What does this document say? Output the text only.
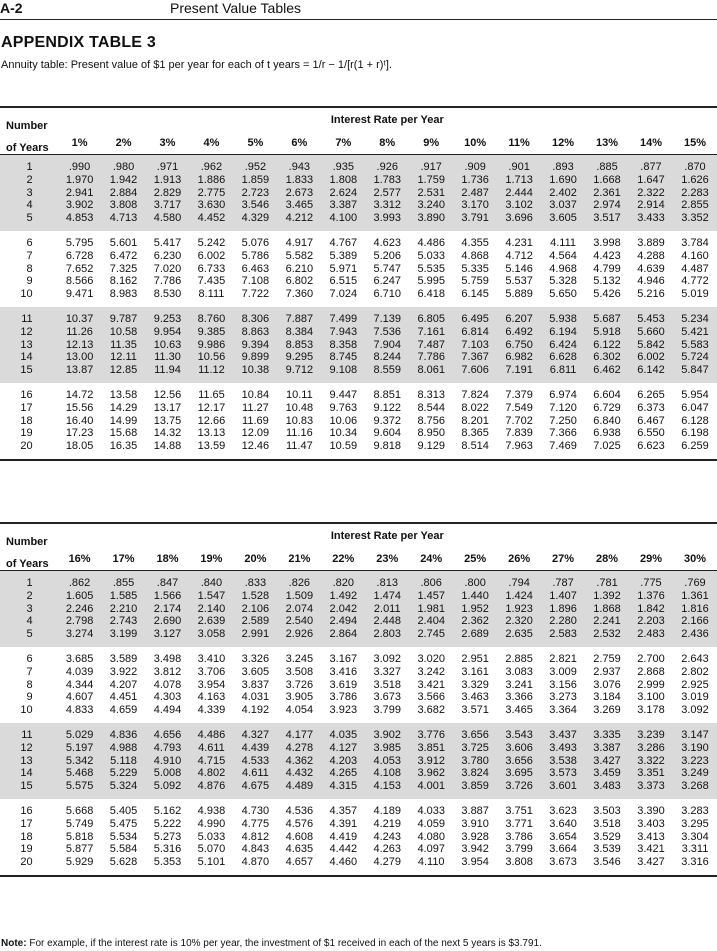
A-2	Present Value Tables
APPENDIX TABLE 3
Annuity table: Present value of $1 per year for each of t years = 1/r − 1/[r(1 + r)ᵗ].
Number	Interest Rate per Year														
of Years	1%	2%	3%	4%	5%	6%	7%	8%	9%	10%	11%	12%	13%	14%	15%
1	.990	.980	.971	.962	.952	.943	.935	.926	.917	.909	.901	.893	.885	.877	.870
2	1.970	1.942	1.913	1.886	1.859	1.833	1.808	1.783	1.759	1.736	1.713	1.690	1.668	1.647	1.626
3	2.941	2.884	2.829	2.775	2.723	2.673	2.624	2.577	2.531	2.487	2.444	2.402	2.361	2.322	2.283
4	3.902	3.808	3.717	3.630	3.546	3.465	3.387	3.312	3.240	3.170	3.102	3.037	2.974	2.914	2.855
5	4.853	4.713	4.580	4.452	4.329	4.212	4.100	3.993	3.890	3.791	3.696	3.605	3.517	3.433	3.352
6	5.795	5.601	5.417	5.242	5.076	4.917	4.767	4.623	4.486	4.355	4.231	4.111	3.998	3.889	3.784
7	6.728	6.472	6.230	6.002	5.786	5.582	5.389	5.206	5.033	4.868	4.712	4.564	4.423	4.288	4.160
8	7.652	7.325	7.020	6.733	6.463	6.210	5.971	5.747	5.535	5.335	5.146	4.968	4.799	4.639	4.487
9	8.566	8.162	7.786	7.435	7.108	6.802	6.515	6.247	5.995	5.759	5.537	5.328	5.132	4.946	4.772
10	9.471	8.983	8.530	8.111	7.722	7.360	7.024	6.710	6.418	6.145	5.889	5.650	5.426	5.216	5.019
11	10.37	9.787	9.253	8.760	8.306	7.887	7.499	7.139	6.805	6.495	6.207	5.938	5.687	5.453	5.234
12	11.26	10.58	9.954	9.385	8.863	8.384	7.943	7.536	7.161	6.814	6.492	6.194	5.918	5.660	5.421
13	12.13	11.35	10.63	9.986	9.394	8.853	8.358	7.904	7.487	7.103	6.750	6.424	6.122	5.842	5.583
14	13.00	12.11	11.30	10.56	9.899	9.295	8.745	8.244	7.786	7.367	6.982	6.628	6.302	6.002	5.724
15	13.87	12.85	11.94	11.12	10.38	9.712	9.108	8.559	8.061	7.606	7.191	6.811	6.462	6.142	5.847
16	14.72	13.58	12.56	11.65	10.84	10.11	9.447	8.851	8.313	7.824	7.379	6.974	6.604	6.265	5.954
17	15.56	14.29	13.17	12.17	11.27	10.48	9.763	9.122	8.544	8.022	7.549	7.120	6.729	6.373	6.047
18	16.40	14.99	13.75	12.66	11.69	10.83	10.06	9.372	8.756	8.201	7.702	7.250	6.840	6.467	6.128
19	17.23	15.68	14.32	13.13	12.09	11.16	10.34	9.604	8.950	8.365	7.839	7.366	6.938	6.550	6.198
20	18.05	16.35	14.88	13.59	12.46	11.47	10.59	9.818	9.129	8.514	7.963	7.469	7.025	6.623	6.259
Number	Interest Rate per Year														
of Years	16%	17%	18%	19%	20%	21%	22%	23%	24%	25%	26%	27%	28%	29%	30%
1	.862	.855	.847	.840	.833	.826	.820	.813	.806	.800	.794	.787	.781	.775	.769
2	1.605	1.585	1.566	1.547	1.528	1.509	1.492	1.474	1.457	1.440	1.424	1.407	1.392	1.376	1.361
3	2.246	2.210	2.174	2.140	2.106	2.074	2.042	2.011	1.981	1.952	1.923	1.896	1.868	1.842	1.816
4	2.798	2.743	2.690	2.639	2.589	2.540	2.494	2.448	2.404	2.362	2.320	2.280	2.241	2.203	2.166
5	3.274	3.199	3.127	3.058	2.991	2.926	2.864	2.803	2.745	2.689	2.635	2.583	2.532	2.483	2.436
6	3.685	3.589	3.498	3.410	3.326	3.245	3.167	3.092	3.020	2.951	2.885	2.821	2.759	2.700	2.643
7	4.039	3.922	3.812	3.706	3.605	3.508	3.416	3.327	3.242	3.161	3.083	3.009	2.937	2.868	2.802
8	4.344	4.207	4.078	3.954	3.837	3.726	3.619	3.518	3.421	3.329	3.241	3.156	3.076	2.999	2.925
9	4.607	4.451	4.303	4.163	4.031	3.905	3.786	3.673	3.566	3.463	3.366	3.273	3.184	3.100	3.019
10	4.833	4.659	4.494	4.339	4.192	4.054	3.923	3.799	3.682	3.571	3.465	3.364	3.269	3.178	3.092
11	5.029	4.836	4.656	4.486	4.327	4.177	4.035	3.902	3.776	3.656	3.543	3.437	3.335	3.239	3.147
12	5.197	4.988	4.793	4.611	4.439	4.278	4.127	3.985	3.851	3.725	3.606	3.493	3.387	3.286	3.190
13	5.342	5.118	4.910	4.715	4.533	4.362	4.203	4.053	3.912	3.780	3.656	3.538	3.427	3.322	3.223
14	5.468	5.229	5.008	4.802	4.611	4.432	4.265	4.108	3.962	3.824	3.695	3.573	3.459	3.351	3.249
15	5.575	5.324	5.092	4.876	4.675	4.489	4.315	4.153	4.001	3.859	3.726	3.601	3.483	3.373	3.268
16	5.668	5.405	5.162	4.938	4.730	4.536	4.357	4.189	4.033	3.887	3.751	3.623	3.503	3.390	3.283
17	5.749	5.475	5.222	4.990	4.775	4.576	4.391	4.219	4.059	3.910	3.771	3.640	3.518	3.403	3.295
18	5.818	5.534	5.273	5.033	4.812	4.608	4.419	4.243	4.080	3.928	3.786	3.654	3.529	3.413	3.304
19	5.877	5.584	5.316	5.070	4.843	4.635	4.442	4.263	4.097	3.942	3.799	3.664	3.539	3.421	3.311
20	5.929	5.628	5.353	5.101	4.870	4.657	4.460	4.279	4.110	3.954	3.808	3.673	3.546	3.427	3.316
Note: For example, if the interest rate is 10% per year, the investment of $1 received in each of the next 5 years is $3.791.
